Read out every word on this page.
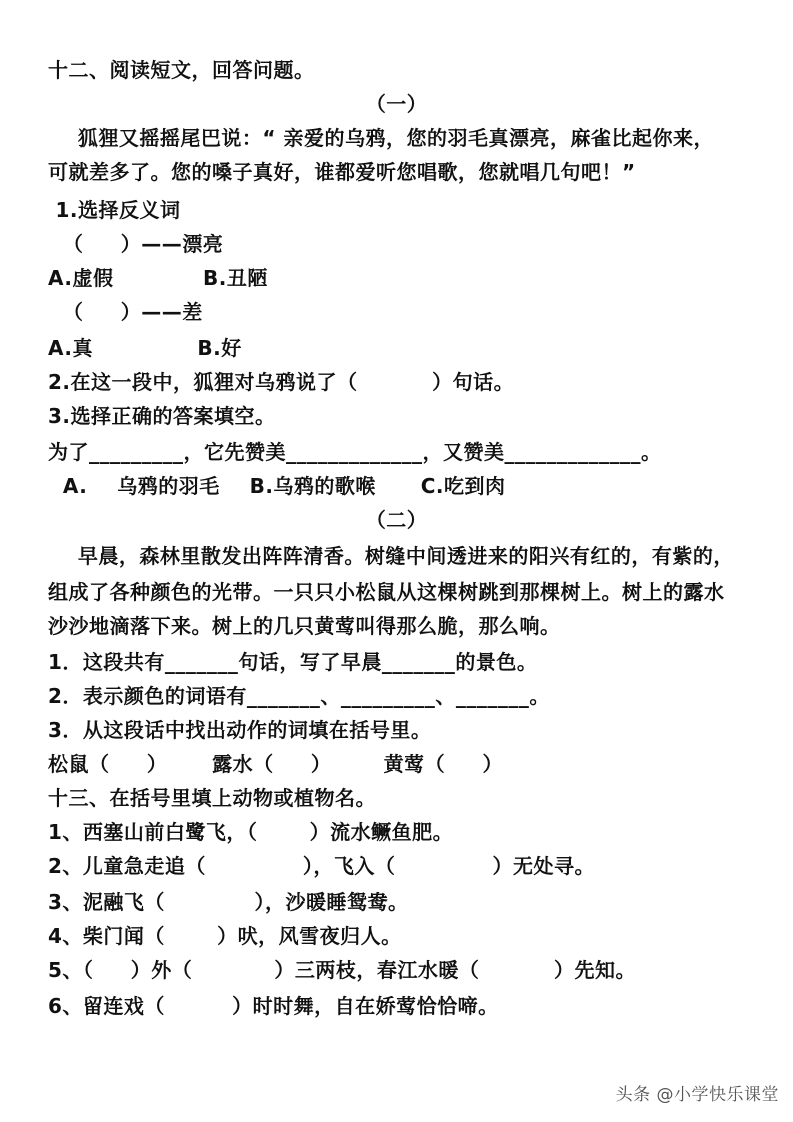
十二、阅读短文，回答问题。
（一）
狐狸又摇摇尾巴说：“ 亲爱的乌鸦，您的羽毛真漂亮，麻雀比起你来，
可就差多了。您的嗓子真好，谁都爱听您唱歌，您就唱几句吧！”
1.选择反义词
（     ）——漂亮
A.虚假            B.丑陋
（     ）——差
A.真              B.好
2.在这一段中，狐狸对乌鸦说了（          ）句话。
3.选择正确的答案填空。
为了_________，它先赞美_____________，又赞美_____________。
A.    乌鸦的羽毛    B.乌鸦的歌喉      C.吃到肉
（二）
早晨，森林里散发出阵阵清香。树缝中间透进来的阳兴有红的，有紫的，
组成了各种颜色的光带。一只只小松鼠从这棵树跳到那棵树上。树上的露水
沙沙地滴落下来。树上的几只黄莺叫得那么脆，那么响。
1．这段共有_______句话，写了早晨_______的景色。
2．表示颜色的词语有_______、_________、_______。
3．从这段话中找出动作的词填在括号里。
松鼠（     ）      露水（     ）       黄莺（     ）
十三、在括号里填上动物或植物名。
1、西塞山前白鹭飞，（       ）流水鳜鱼肥。
2、儿童急走追（             ），飞入（             ）无处寻。
3、泥融飞（            ），沙暖睡鸳鸯。
4、柴门闻（       ）吠，风雪夜归人。
5、（     ）外（           ）三两枝，春江水暖（          ）先知。
6、留连戏（         ）时时舞，自在娇莺恰恰啼。
头条 @小学快乐课堂
